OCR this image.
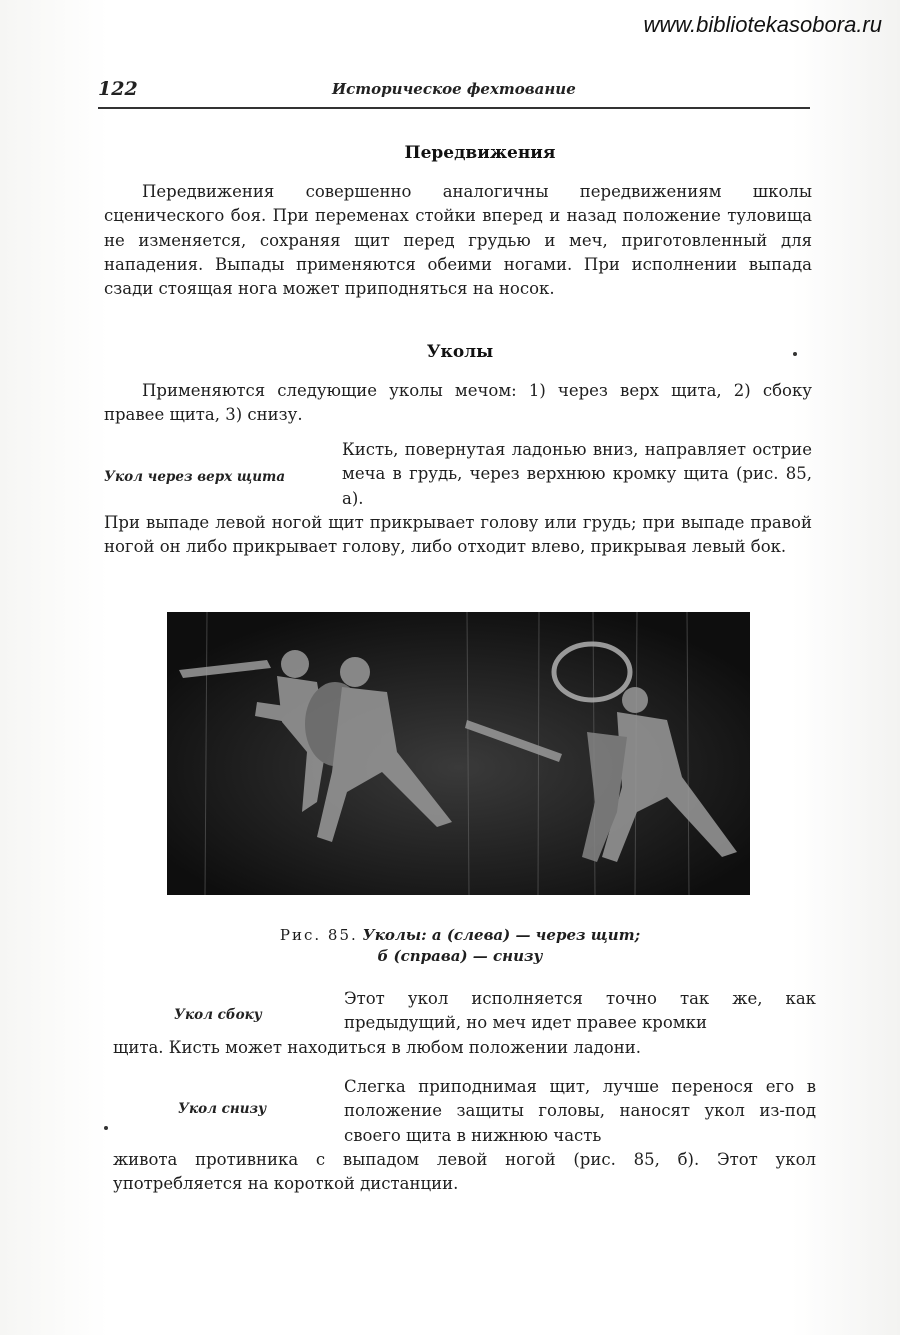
www.bibliotekasobora.ru
122	Историческое фехтование
Передвижения

Передвижения совершенно аналогичны передвижениям школы сценического боя. При переменах стойки вперед и назад положение туловища не изменяется, сохраняя щит перед грудью и меч, приготовленный для нападения. Выпады применяются обеими ногами. При исполнении выпада сзади стоящая нога может приподняться на носок.

Уколы

Применяются следующие уколы мечом: 1) через верх щита, 2) сбоку правее щита, 3) снизу.

Укол через верх щита

Кисть, повернутая ладонью вниз, направляет острие меча в грудь, через верхнюю кромку щита (рис. 85, а).

При выпаде левой ногой щит прикрывает голову или грудь; при выпаде правой ногой он либо прикрывает голову, либо отходит влево, прикрывая левый бок.

Рис. 85. Уколы: а (слева) — через щит;
б (справа) — снизу
Укол сбоку

Этот укол исполняется точно так же, как предыдущий, но меч идет правее кромки

щита. Кисть может находиться в любом положении ладони.

Укол снизу

Слегка приподнимая щит, лучше перенося его в положение защиты головы, наносят укол из-под своего щита в нижнюю часть

живота противника с выпадом левой ногой (рис. 85, б). Этот укол употребляется на короткой дистанции.
